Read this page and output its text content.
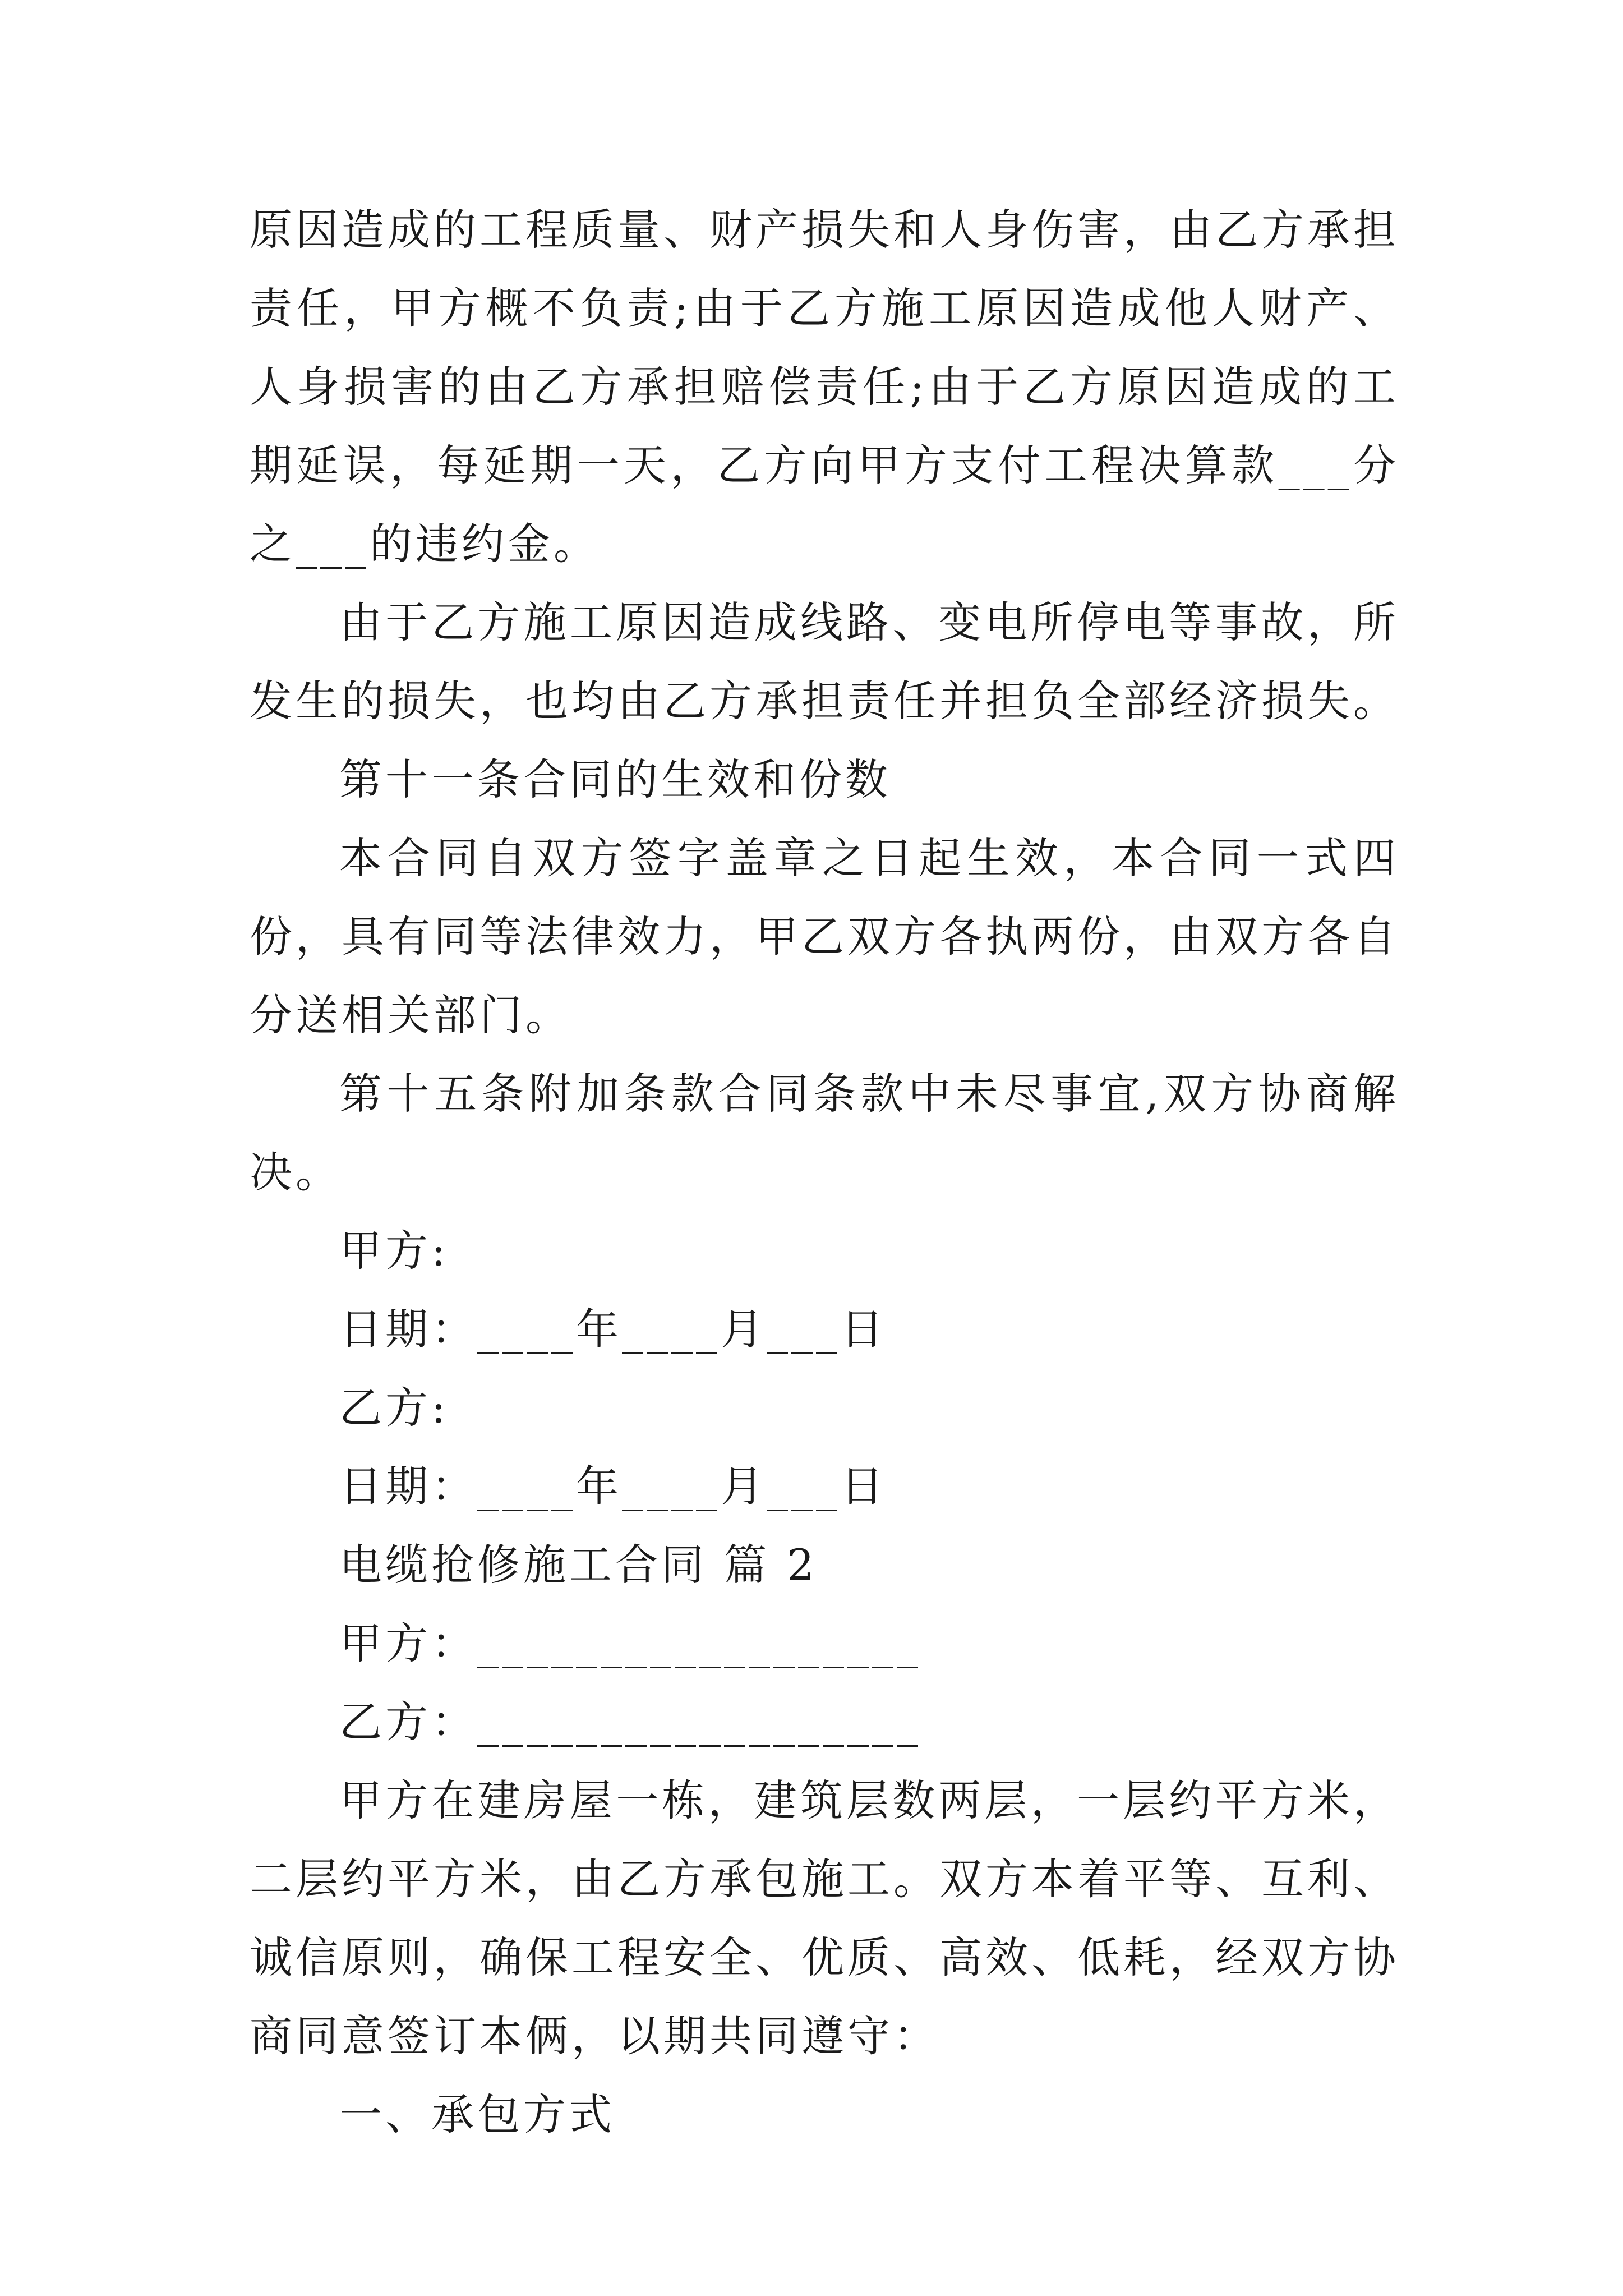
原因造成的工程质量、财产损失和人身伤害，由乙方承担责任，甲方概不负责;由于乙方施工原因造成他人财产、人身损害的由乙方承担赔偿责任;由于乙方原因造成的工期延误，每延期一天，乙方向甲方支付工程决算款___分之___的违约金。

由于乙方施工原因造成线路、变电所停电等事故，所发生的损失，也均由乙方承担责任并担负全部经济损失。

第十一条合同的生效和份数

本合同自双方签字盖章之日起生效，本合同一式四份，具有同等法律效力，甲乙双方各执两份，由双方各自分送相关部门。

第十五条附加条款合同条款中未尽事宜,双方协商解决。

甲方:

日期：____年____月___日

乙方:

日期：____年____月___日

电缆抢修施工合同 篇 2

甲方：__________________

乙方：__________________

甲方在建房屋一栋，建筑层数两层，一层约平方米，二层约平方米，由乙方承包施工。双方本着平等、互利、诚信原则，确保工程安全、优质、高效、低耗，经双方协商同意签订本俩，以期共同遵守：

一、承包方式
